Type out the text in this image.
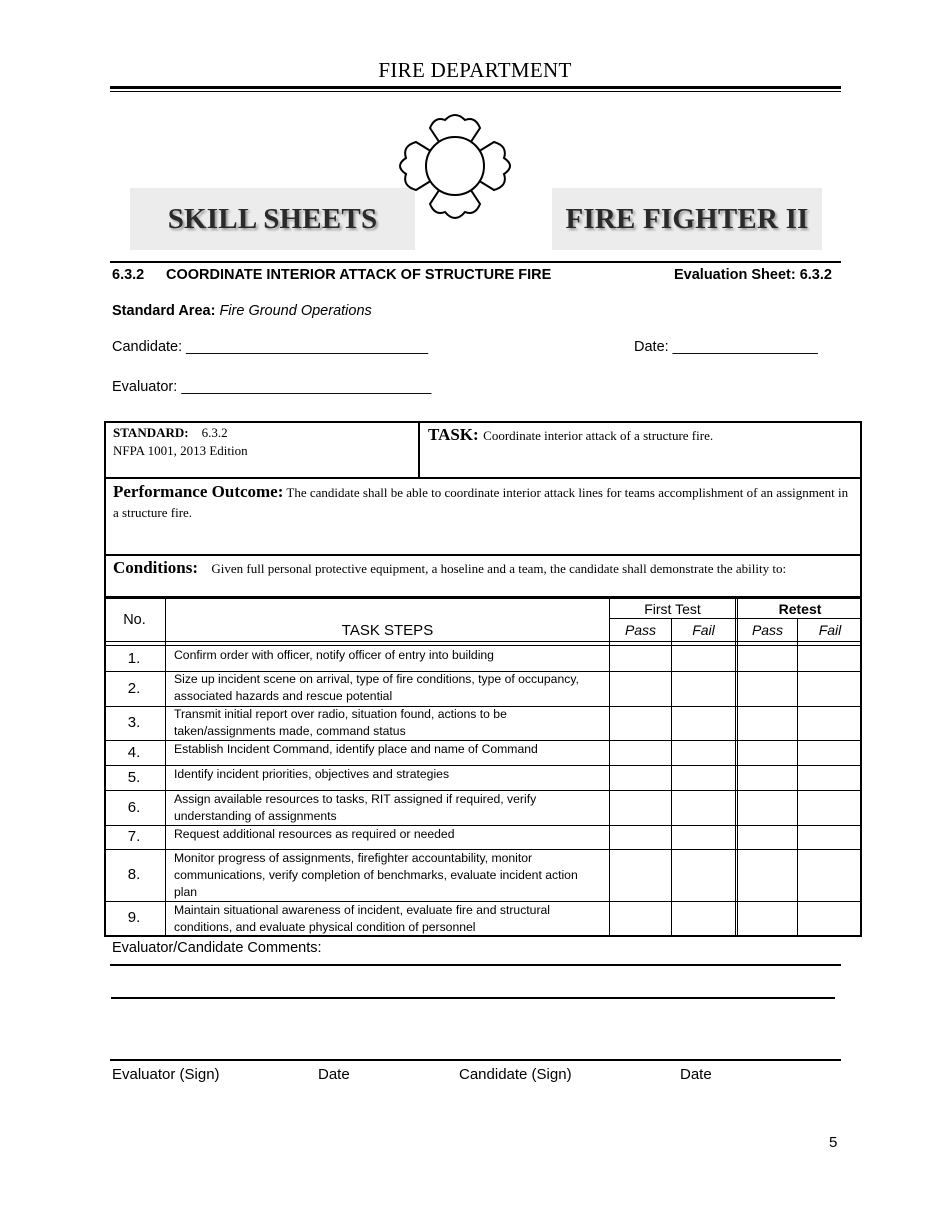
FIRE DEPARTMENT
SKILL SHEETS	FIRE FIGHTER II
6.3.2 COORDINATE INTERIOR ATTACK OF STRUCTURE FIRE	Evaluation Sheet: 6.3.2
Standard Area: Fire Ground Operations
Candidate: ______________________________	Date: __________________
Evaluator: _______________________________
STANDARD: 6.3.2
NFPA 1001, 2013 Edition
	TASK: Coordinate interior attack of a structure fire.

Performance Outcome: The candidate shall be able to coordinate interior attack lines for teams accomplishment of an assignment in a structure fire.

Conditions: Given full personal protective equipment, a hoseline and a team, the candidate shall demonstrate the ability to:
No.
TASK STEPS
First Test	Retest
Pass	Fail	Pass	Fail
1.	Confirm order with officer, notify officer of entry into building
2.
Size up incident scene on arrival, type of fire conditions, type of occupancy, associated hazards and rescue potential
3.	Transmit initial report over radio, situation found, actions to be taken/assignments made, command status
4.	Establish Incident Command, identify place and name of Command
5.	Identify incident priorities, objectives and strategies
6.	Assign available resources to tasks, RIT assigned if required, verify understanding of assignments
7.	Request additional resources as required or needed
8.
Monitor progress of assignments, firefighter accountability, monitor communications, verify completion of benchmarks, evaluate incident action plan
9.	Maintain situational awareness of incident, evaluate fire and structural conditions, and evaluate physical condition of personnel
Evaluator/Candidate Comments:
Evaluator (Sign)	Date	Candidate (Sign)	Date
5
